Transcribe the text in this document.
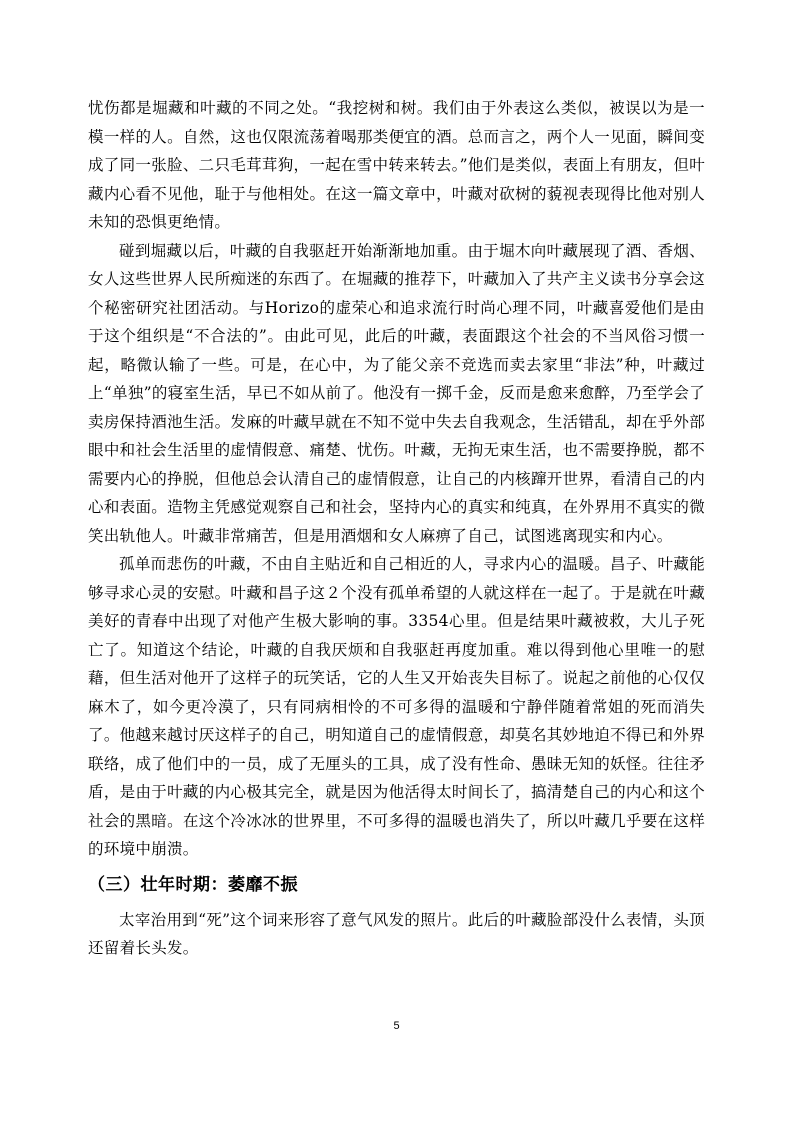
忧伤都是堀藏和叶藏的不同之处。“我挖树和树。我们由于外表这么类似，被误以为是一模一样的人。自然，这也仅限流荡着喝那类便宜的酒。总而言之，两个人一见面，瞬间变成了同一张脸、二只毛茸茸狗，一起在雪中转来转去。”他们是类似，表面上有朋友，但叶藏内心看不见他，耻于与他相处。在这一篇文章中，叶藏对砍树的藐视表现得比他对别人未知的恐惧更绝情。

碰到堀藏以后，叶藏的自我驱赶开始渐渐地加重。由于堀木向叶藏展现了酒、香烟、女人这些世界人民所痴迷的东西了。在堀藏的推荐下，叶藏加入了共产主义读书分享会这个秘密研究社团活动。与Horizo的虚荣心和追求流行时尚心理不同，叶藏喜爱他们是由于这个组织是“不合法的”。由此可见，此后的叶藏，表面跟这个社会的不当风俗习惯一起，略微认输了一些。可是，在心中，为了能父亲不竞选而卖去家里“非法”种，叶藏过上“单独”的寝室生活，早已不如从前了。他没有一掷千金，反而是愈来愈醉，乃至学会了卖房保持酒池生活。发麻的叶藏早就在不知不觉中失去自我观念，生活错乱，却在乎外部眼中和社会生活里的虚情假意、痛楚、忧伤。叶藏，无拘无束生活，也不需要挣脱，都不需要内心的挣脱，但他总会认清自己的虚情假意，让自己的内核蹿开世界，看清自己的内心和表面。造物主凭感觉观察自己和社会，坚持内心的真实和纯真，在外界用不真实的微笑出轨他人。叶藏非常痛苦，但是用酒烟和女人麻痹了自己，试图逃离现实和内心。

孤单而悲伤的叶藏，不由自主贴近和自己相近的人，寻求内心的温暖。昌子、叶藏能够寻求心灵的安慰。叶藏和昌子这２个没有孤单希望的人就这样在一起了。于是就在叶藏美好的青春中出现了对他产生极大影响的事。3354心里。但是结果叶藏被救，大儿子死亡了。知道这个结论，叶藏的自我厌烦和自我驱赶再度加重。难以得到他心里唯一的慰藉，但生活对他开了这样子的玩笑话，它的人生又开始丧失目标了。说起之前他的心仅仅麻木了，如今更冷漠了，只有同病相怜的不可多得的温暖和宁静伴随着常姐的死而消失了。他越来越讨厌这样子的自己，明知道自己的虚情假意，却莫名其妙地迫不得已和外界联络，成了他们中的一员，成了无厘头的工具，成了没有性命、愚昧无知的妖怪。往往矛盾，是由于叶藏的内心极其完全，就是因为他活得太时间长了，搞清楚自己的内心和这个社会的黑暗。在这个冷冰冰的世界里，不可多得的温暖也消失了，所以叶藏几乎要在这样的环境中崩溃。

（三）壮年时期：萎靡不振

太宰治用到“死”这个词来形容了意气风发的照片。此后的叶藏脸部没什么表情，头顶还留着长头发。

5
